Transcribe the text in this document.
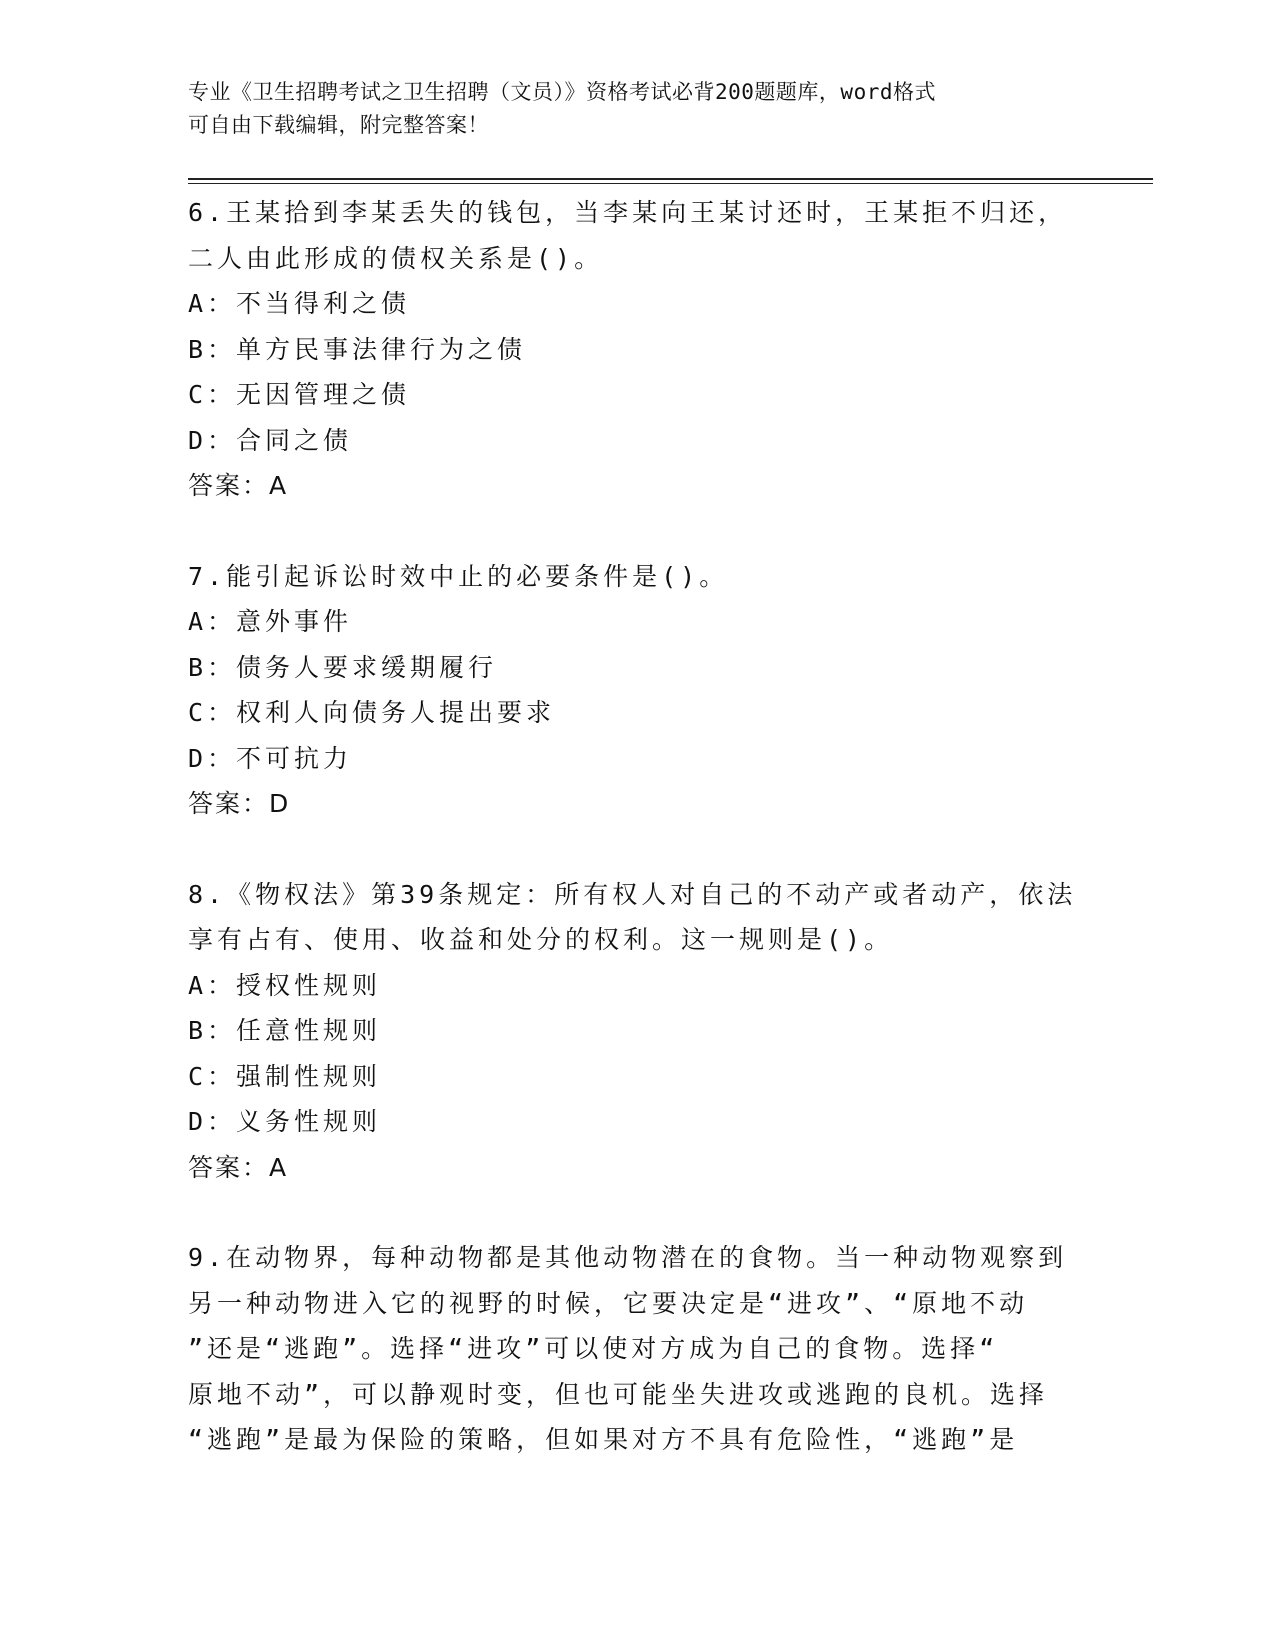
专业《卫生招聘考试之卫生招聘（文员）》资格考试必背200题题库，word格式
可自由下载编辑，附完整答案！
6.王某拾到李某丢失的钱包，当李某向王某讨还时，王某拒不归还，
二人由此形成的债权关系是()。
A：不当得利之债
B：单方民事法律行为之债
C：无因管理之债
D：合同之债
答案：A
7.能引起诉讼时效中止的必要条件是()。
A：意外事件
B：债务人要求缓期履行
C：权利人向债务人提出要求
D：不可抗力
答案：D
8.《物权法》第39条规定：所有权人对自己的不动产或者动产，依法
享有占有、使用、收益和处分的权利。这一规则是()。
A：授权性规则
B：任意性规则
C：强制性规则
D：义务性规则
答案：A
9.在动物界，每种动物都是其他动物潜在的食物。当一种动物观察到
另一种动物进入它的视野的时候，它要决定是“进攻”、“原地不动
”还是“逃跑”。选择“进攻”可以使对方成为自己的食物。选择“
原地不动”，可以静观时变，但也可能坐失进攻或逃跑的良机。选择
“逃跑”是最为保险的策略，但如果对方不具有危险性，“逃跑”是
